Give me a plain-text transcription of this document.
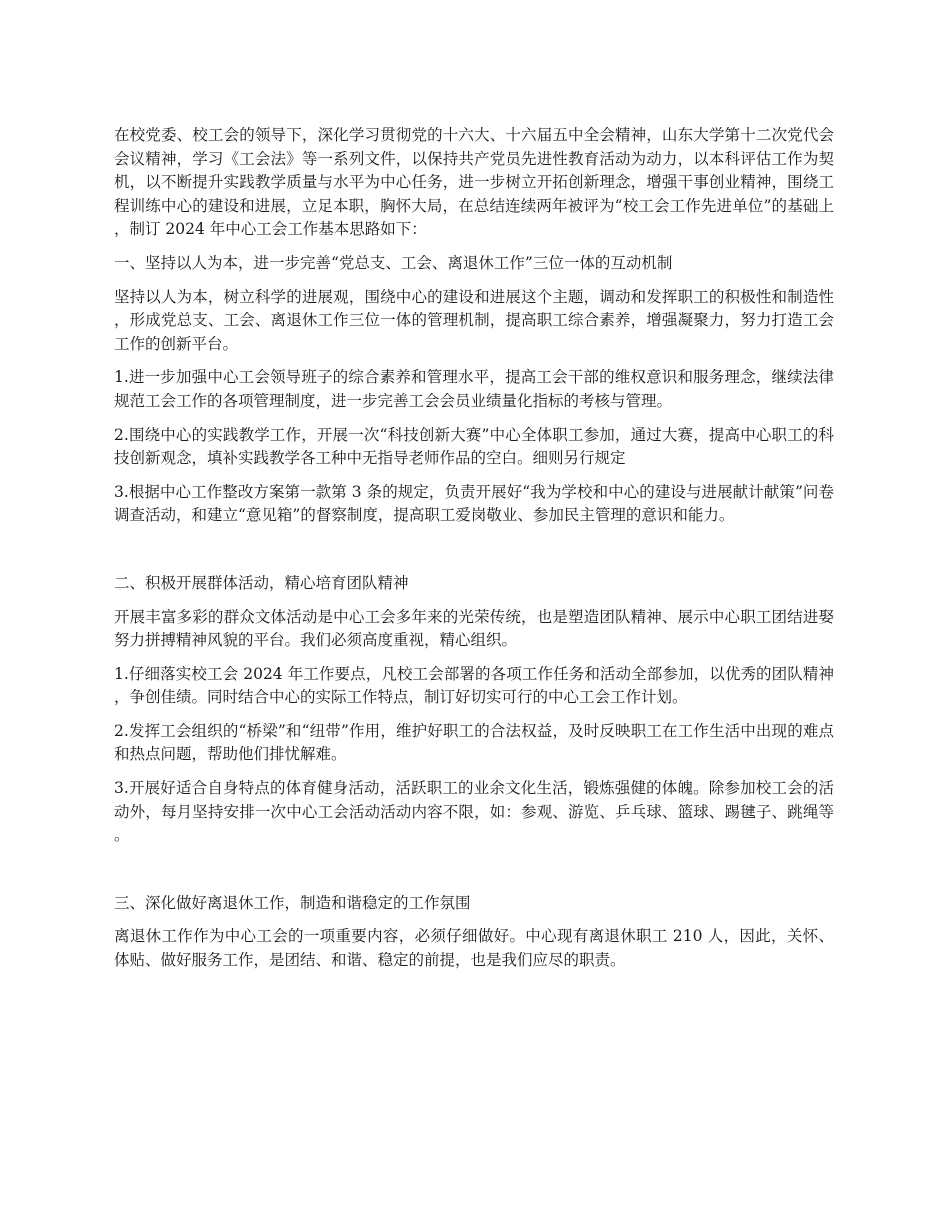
在校党委、校工会的领导下，深化学习贯彻党的十六大、十六届五中全会精神，山东大学第十二次党代会会议精神，学习《工会法》等一系列文件，以保持共产党员先进性教育活动为动力，以本科评估工作为契机，以不断提升实践教学质量与水平为中心任务，进一步树立开拓创新理念，增强干事创业精神，围绕工程训练中心的建设和进展，立足本职，胸怀大局，在总结连续两年被评为“校工会工作先进单位”的基础上，制订 2024 年中心工会工作基本思路如下：

一、坚持以人为本，进一步完善“党总支、工会、离退休工作”三位一体的互动机制

坚持以人为本，树立科学的进展观，围绕中心的建设和进展这个主题，调动和发挥职工的积极性和制造性，形成党总支、工会、离退休工作三位一体的管理机制，提高职工综合素养，增强凝聚力，努力打造工会工作的创新平台。

1.进一步加强中心工会领导班子的综合素养和管理水平，提高工会干部的维权意识和服务理念，继续法律规范工会工作的各项管理制度，进一步完善工会会员业绩量化指标的考核与管理。

2.围绕中心的实践教学工作，开展一次“科技创新大赛”中心全体职工参加，通过大赛，提高中心职工的科技创新观念，填补实践教学各工种中无指导老师作品的空白。细则另行规定

3.根据中心工作整改方案第一款第 3 条的规定，负责开展好“我为学校和中心的建设与进展献计献策”问卷调查活动，和建立“意见箱”的督察制度，提高职工爱岗敬业、参加民主管理的意识和能力。

二、积极开展群体活动，精心培育团队精神

开展丰富多彩的群众文体活动是中心工会多年来的光荣传统，也是塑造团队精神、展示中心职工团结进娶努力拼搏精神风貌的平台。我们必须高度重视，精心组织。

1.仔细落实校工会 2024 年工作要点，凡校工会部署的各项工作任务和活动全部参加，以优秀的团队精神，争创佳绩。同时结合中心的实际工作特点，制订好切实可行的中心工会工作计划。

2.发挥工会组织的“桥梁”和“纽带”作用，维护好职工的合法权益，及时反映职工在工作生活中出现的难点和热点问题，帮助他们排忧解难。

3.开展好适合自身特点的体育健身活动，活跃职工的业余文化生活，锻炼强健的体魄。除参加校工会的活动外，每月坚持安排一次中心工会活动活动内容不限，如：参观、游览、乒乓球、篮球、踢毽子、跳绳等。

三、深化做好离退休工作，制造和谐稳定的工作氛围

离退休工作作为中心工会的一项重要内容，必须仔细做好。中心现有离退休职工 210 人，因此，关怀、体贴、做好服务工作，是团结、和谐、稳定的前提，也是我们应尽的职责。
